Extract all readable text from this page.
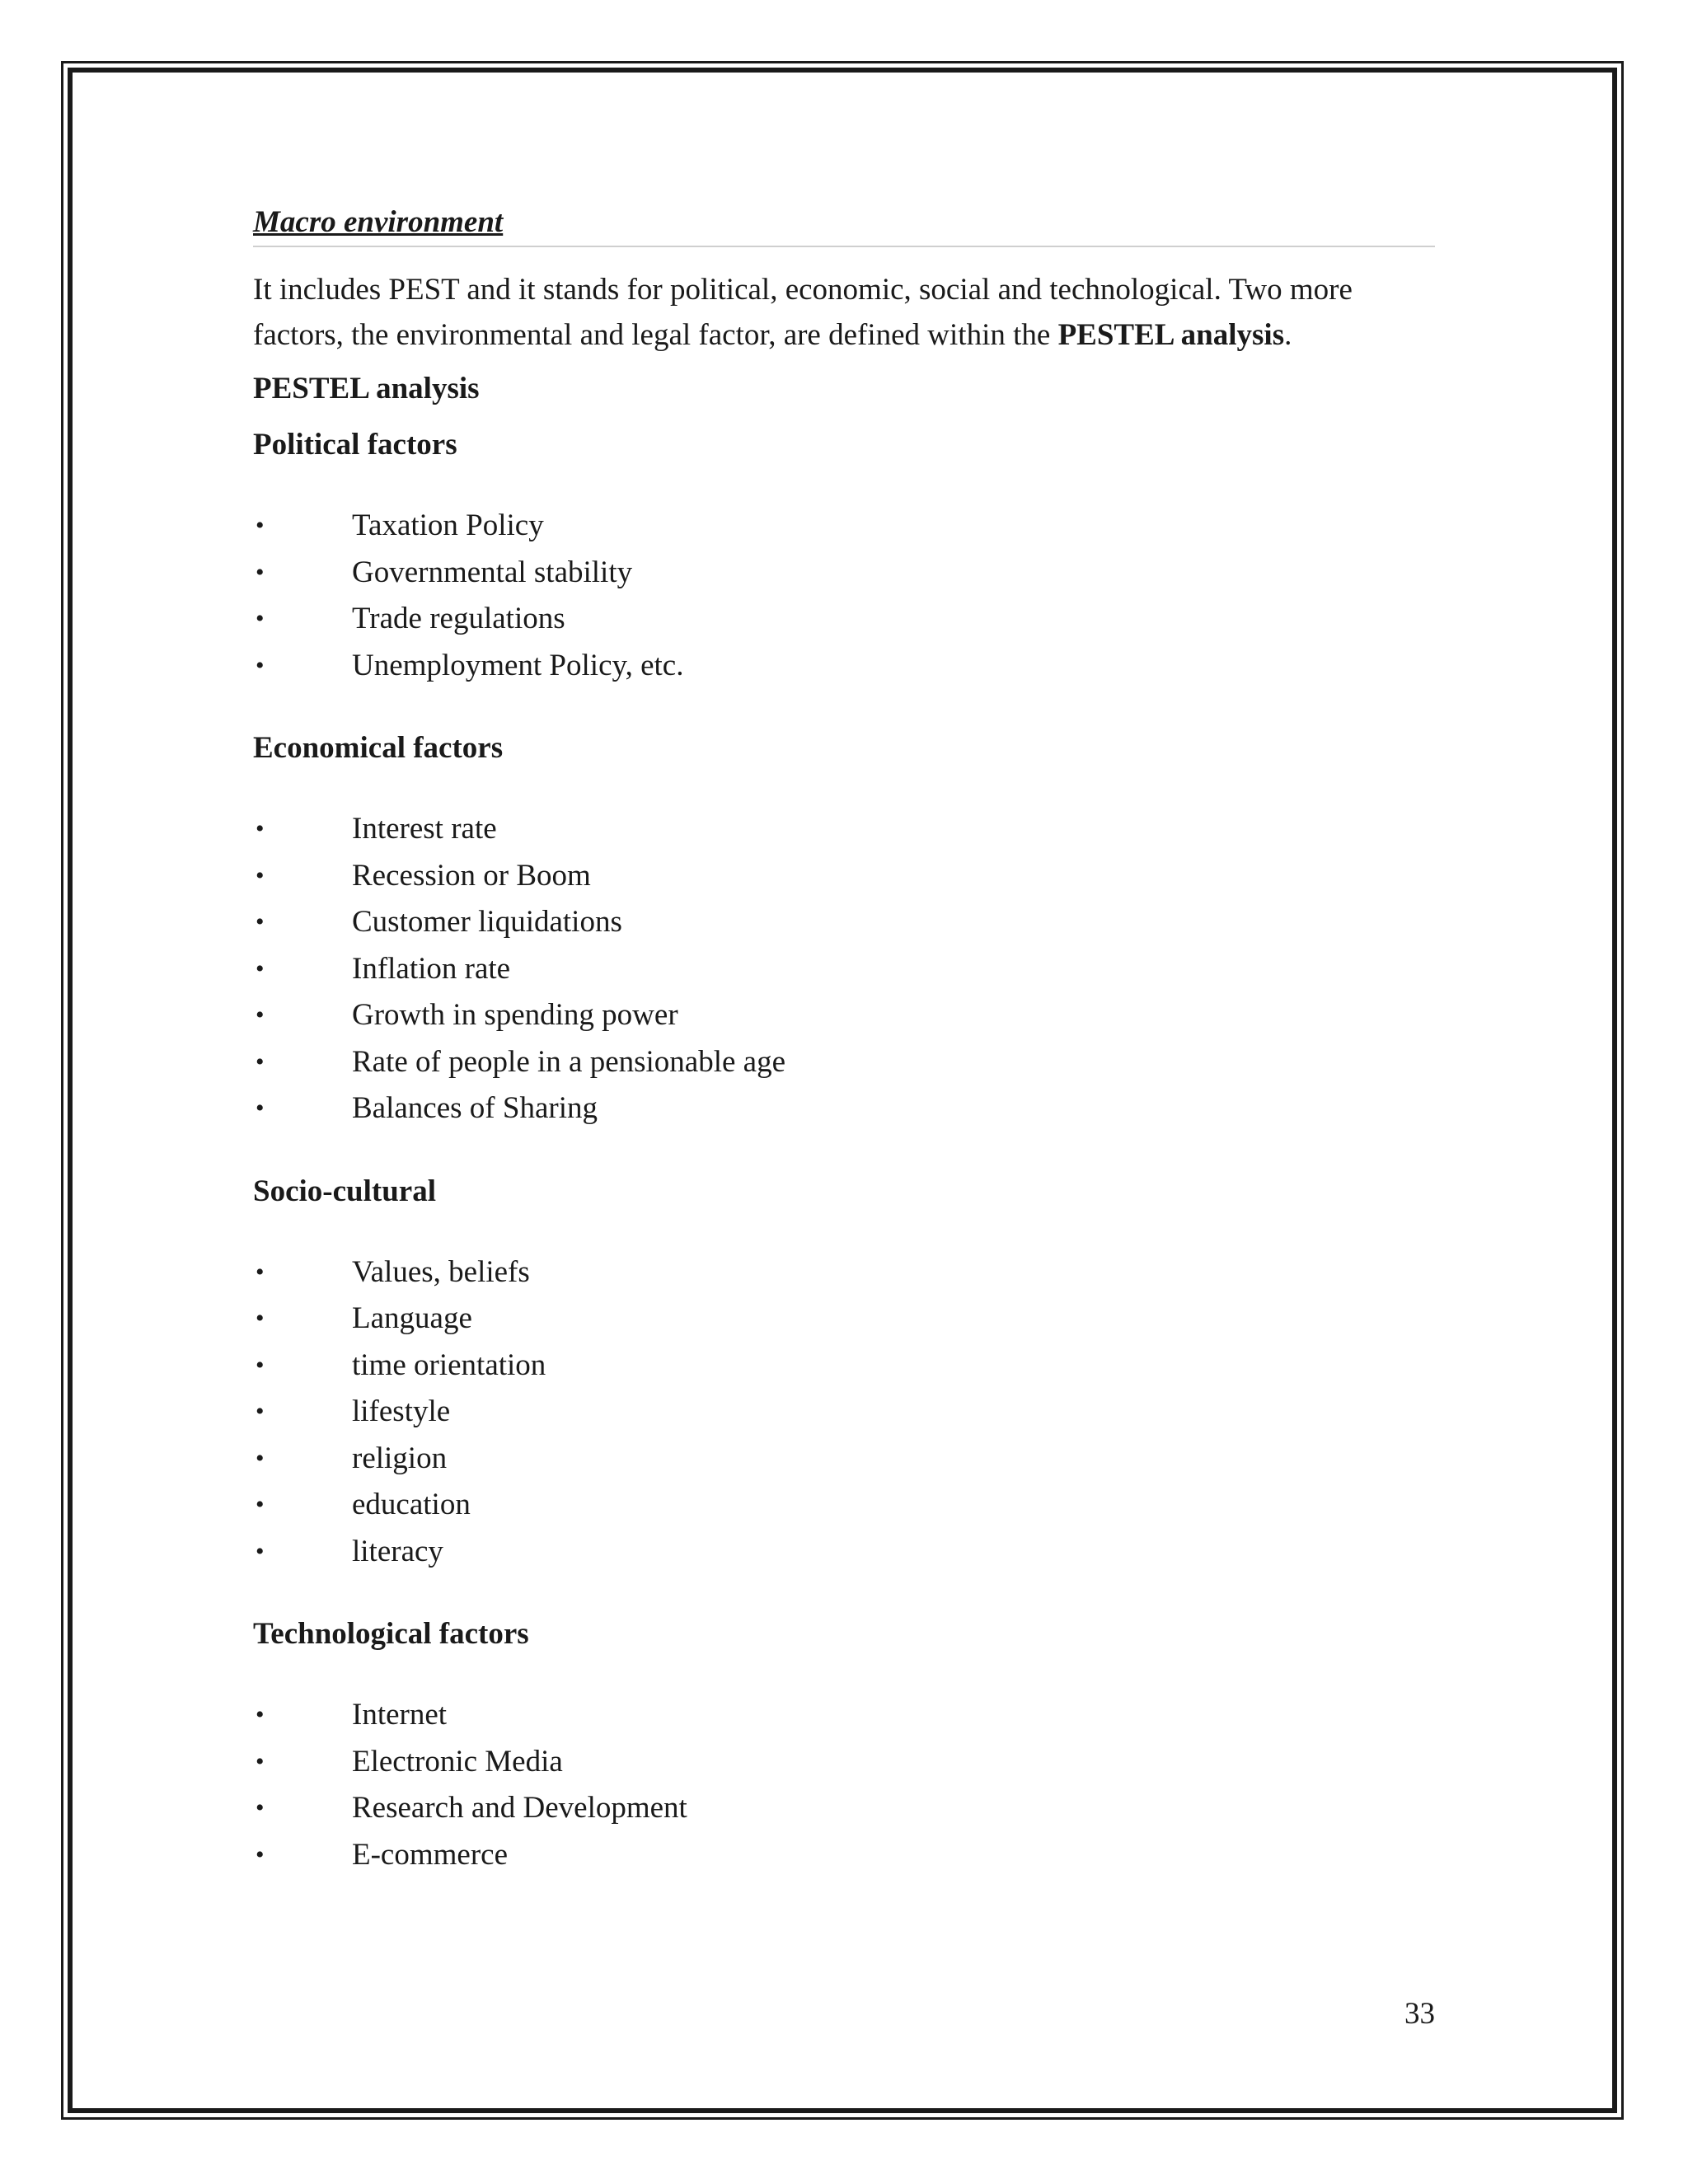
Macro environment

It includes PEST and it stands for political, economic, social and technological. Two more factors, the environmental and legal factor, are defined within the PESTEL analysis.

PESTEL analysis
Political factors
•	Taxation Policy
•	Governmental stability
•	Trade regulations
•	Unemployment Policy, etc.
Economical factors
•	Interest rate
•	Recession or Boom
•	Customer liquidations
•	Inflation rate
•	Growth in spending power
•	Rate of people in a pensionable age
•	Balances of Sharing
Socio-cultural
•	Values, beliefs
•	Language
•	time orientation
•	lifestyle
•	religion
•	education
•	literacy
Technological factors
•	Internet
•	Electronic Media
•	Research and Development
•	E-commerce
33
